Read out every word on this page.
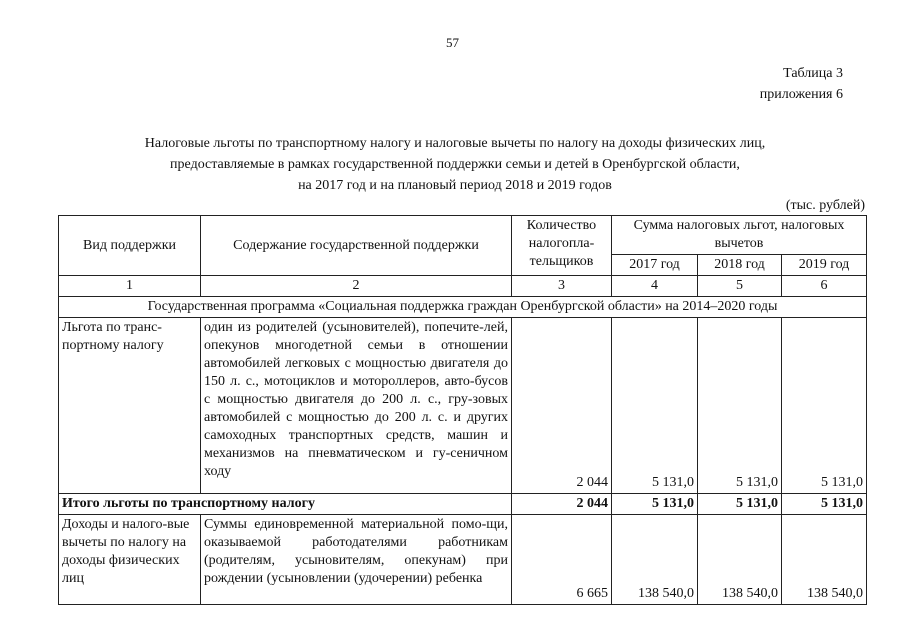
57
Таблица 3
приложения 6
Налоговые льготы по транспортному налогу и налоговые вычеты по налогу на доходы физических лиц,
предоставляемые в рамках государственной поддержки семьи и детей в Оренбургской области,
на 2017 год и на плановый период 2018 и 2019 годов
(тыс. рублей)
Вид поддержки	Содержание государственной поддержки	Количество налогопла-тельщиков	Сумма налоговых льгот, налоговых вычетов		
			2017 год	2018 год	2019 год
1	2	3	4	5	6
Государственная программа «Социальная поддержка граждан Оренбургской области» на 2014–2020 годы					
Льгота по транс-портному налогу	один из родителей (усыновителей), попечите-лей, опекунов многодетной семьи в отношении автомобилей легковых с мощностью двигателя до 150 л. с., мотоциклов и мотороллеров, авто-бусов с мощностью двигателя до 200 л. с., гру-зовых автомобилей с мощностью до 200 л. с. и других самоходных транспортных средств, машин и механизмов на пневматическом и гу-сеничном ходу	2 044	5 131,0	5 131,0	5 131,0
Итого льготы по транспортному налогу		2 044	5 131,0	5 131,0	5 131,0
Доходы и налого-вые вычеты по налогу на доходы физических лиц	Суммы единовременной материальной помо-щи, оказываемой работодателями работникам (родителям, усыновителям, опекунам) при рождении (усыновлении (удочерении) ребенка	6 665	138 540,0	138 540,0	138 540,0
